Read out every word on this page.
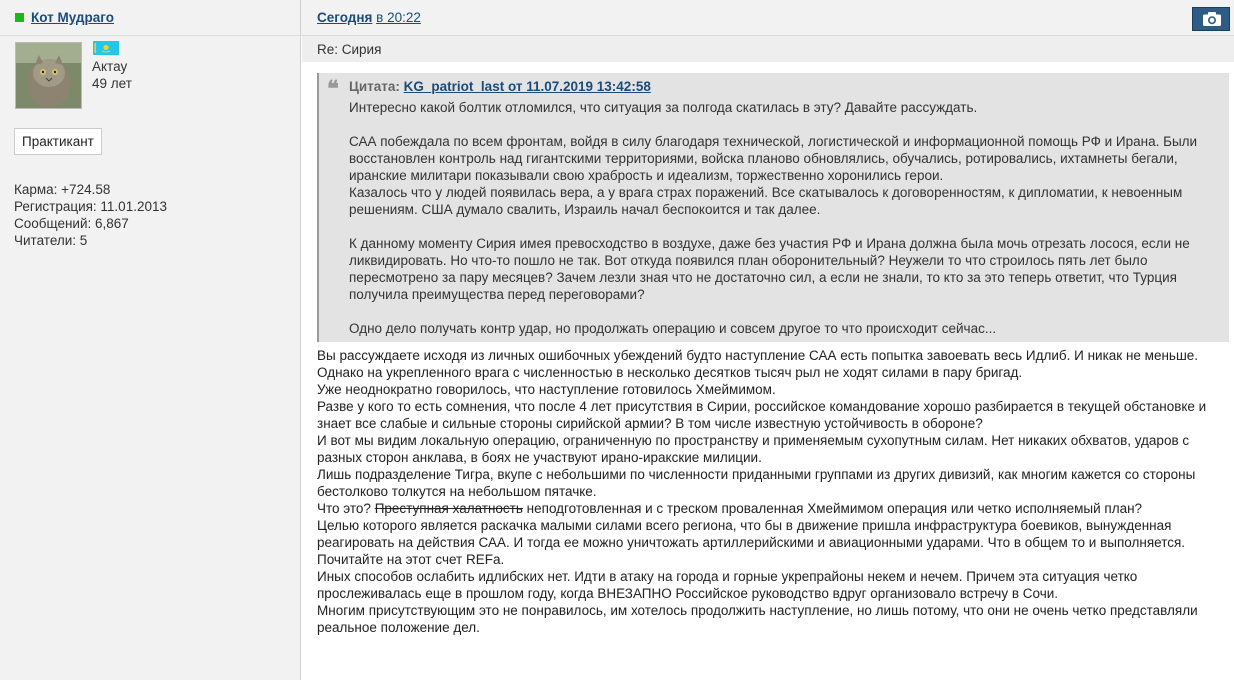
Кот Мудраго	Сегодня в 20:22
Актау
49 лет
Практикант
Карма: +724.58
Регистрация: 11.01.2013
Сообщений: 6,867
Читатели: 5
Re: Сирия
❝ Цитата: KG_patriot_last от 11.07.2019 13:42:58

Интересно какой болтик отломился, что ситуация за полгода скатилась в эту? Давайте рассуждать.

САА побеждала по всем фронтам, войдя в силу благодаря технической, логистической и информационной помощь РФ и Ирана. Были восстановлен контроль над гигантскими территориями, войска планово обновлялись, обучались, ротировались, ихтамнеты бегали, иранские милитари показывали свою храбрость и идеализм, торжественно хоронились герои.

Казалось что у людей появилась вера, а у врага страх поражений. Все скатывалось к договоренностям, к дипломатии, к невоенным решениям. США думало свалить, Израиль начал беспокоится и так далее.

К данному моменту Сирия имея превосходство в воздухе, даже без участия РФ и Ирана должна была мочь отрезать лосося, если не ликвидировать. Но что-то пошло не так. Вот откуда появился план оборонительный? Неужели то что строилось пять лет было пересмотрено за пару месяцев? Зачем лезли зная что не достаточно сил, а если не знали, то кто за это теперь ответит, что Турция получила преимущества перед переговорами?

Одно дело получать контр удар, но продолжать операцию и совсем другое то что происходит сейчас...

Вы рассуждаете исходя из личных ошибочных убеждений будто наступление САА есть попытка завоевать весь Идлиб. И никак не меньше.

Однако на укрепленного врага с численностью в несколько десятков тысяч рыл не ходят силами в пару бригад.

Уже неоднократно говорилось, что наступление готовилось Хмеймимом.

Разве у кого то есть сомнения, что после 4 лет присутствия в Сирии, российское командование хорошо разбирается в текущей обстановке и знает все слабые и сильные стороны сирийской армии? В том числе известную устойчивость в обороне?

И вот мы видим локальную операцию, ограниченную по пространству и применяемым сухопутным силам. Нет никаких обхватов, ударов с разных сторон анклава, в боях не участвуют ирано-иракские милиции.

Лишь подразделение Тигра, вкупе с небольшими по численности приданными группами из других дивизий, как многим кажется со стороны бестолково толкутся на небольшом пятачке.

Что это? Преступная халатность неподготовленная и с треском проваленная Хмеймимом операция или четко исполняемый план?

Целью которого является раскачка малыми силами всего региона, что бы в движение пришла инфраструктура боевиков, вынужденная реагировать на действия САА. И тогда ее можно уничтожать артиллерийскими и авиационными ударами. Что в общем то и выполняется.

Почитайте на этот счет REFa.

Иных способов ослабить идлибских нет. Идти в атаку на города и горные укрепрайоны некем и нечем. Причем эта ситуация четко прослеживалась еще в прошлом году, когда ВНЕЗАПНО Российское руководство вдруг организовало встречу в Сочи.

Многим присутствующим это не понравилось, им хотелось продолжить наступление, но лишь потому, что они не очень четко представляли реальное положение дел.
